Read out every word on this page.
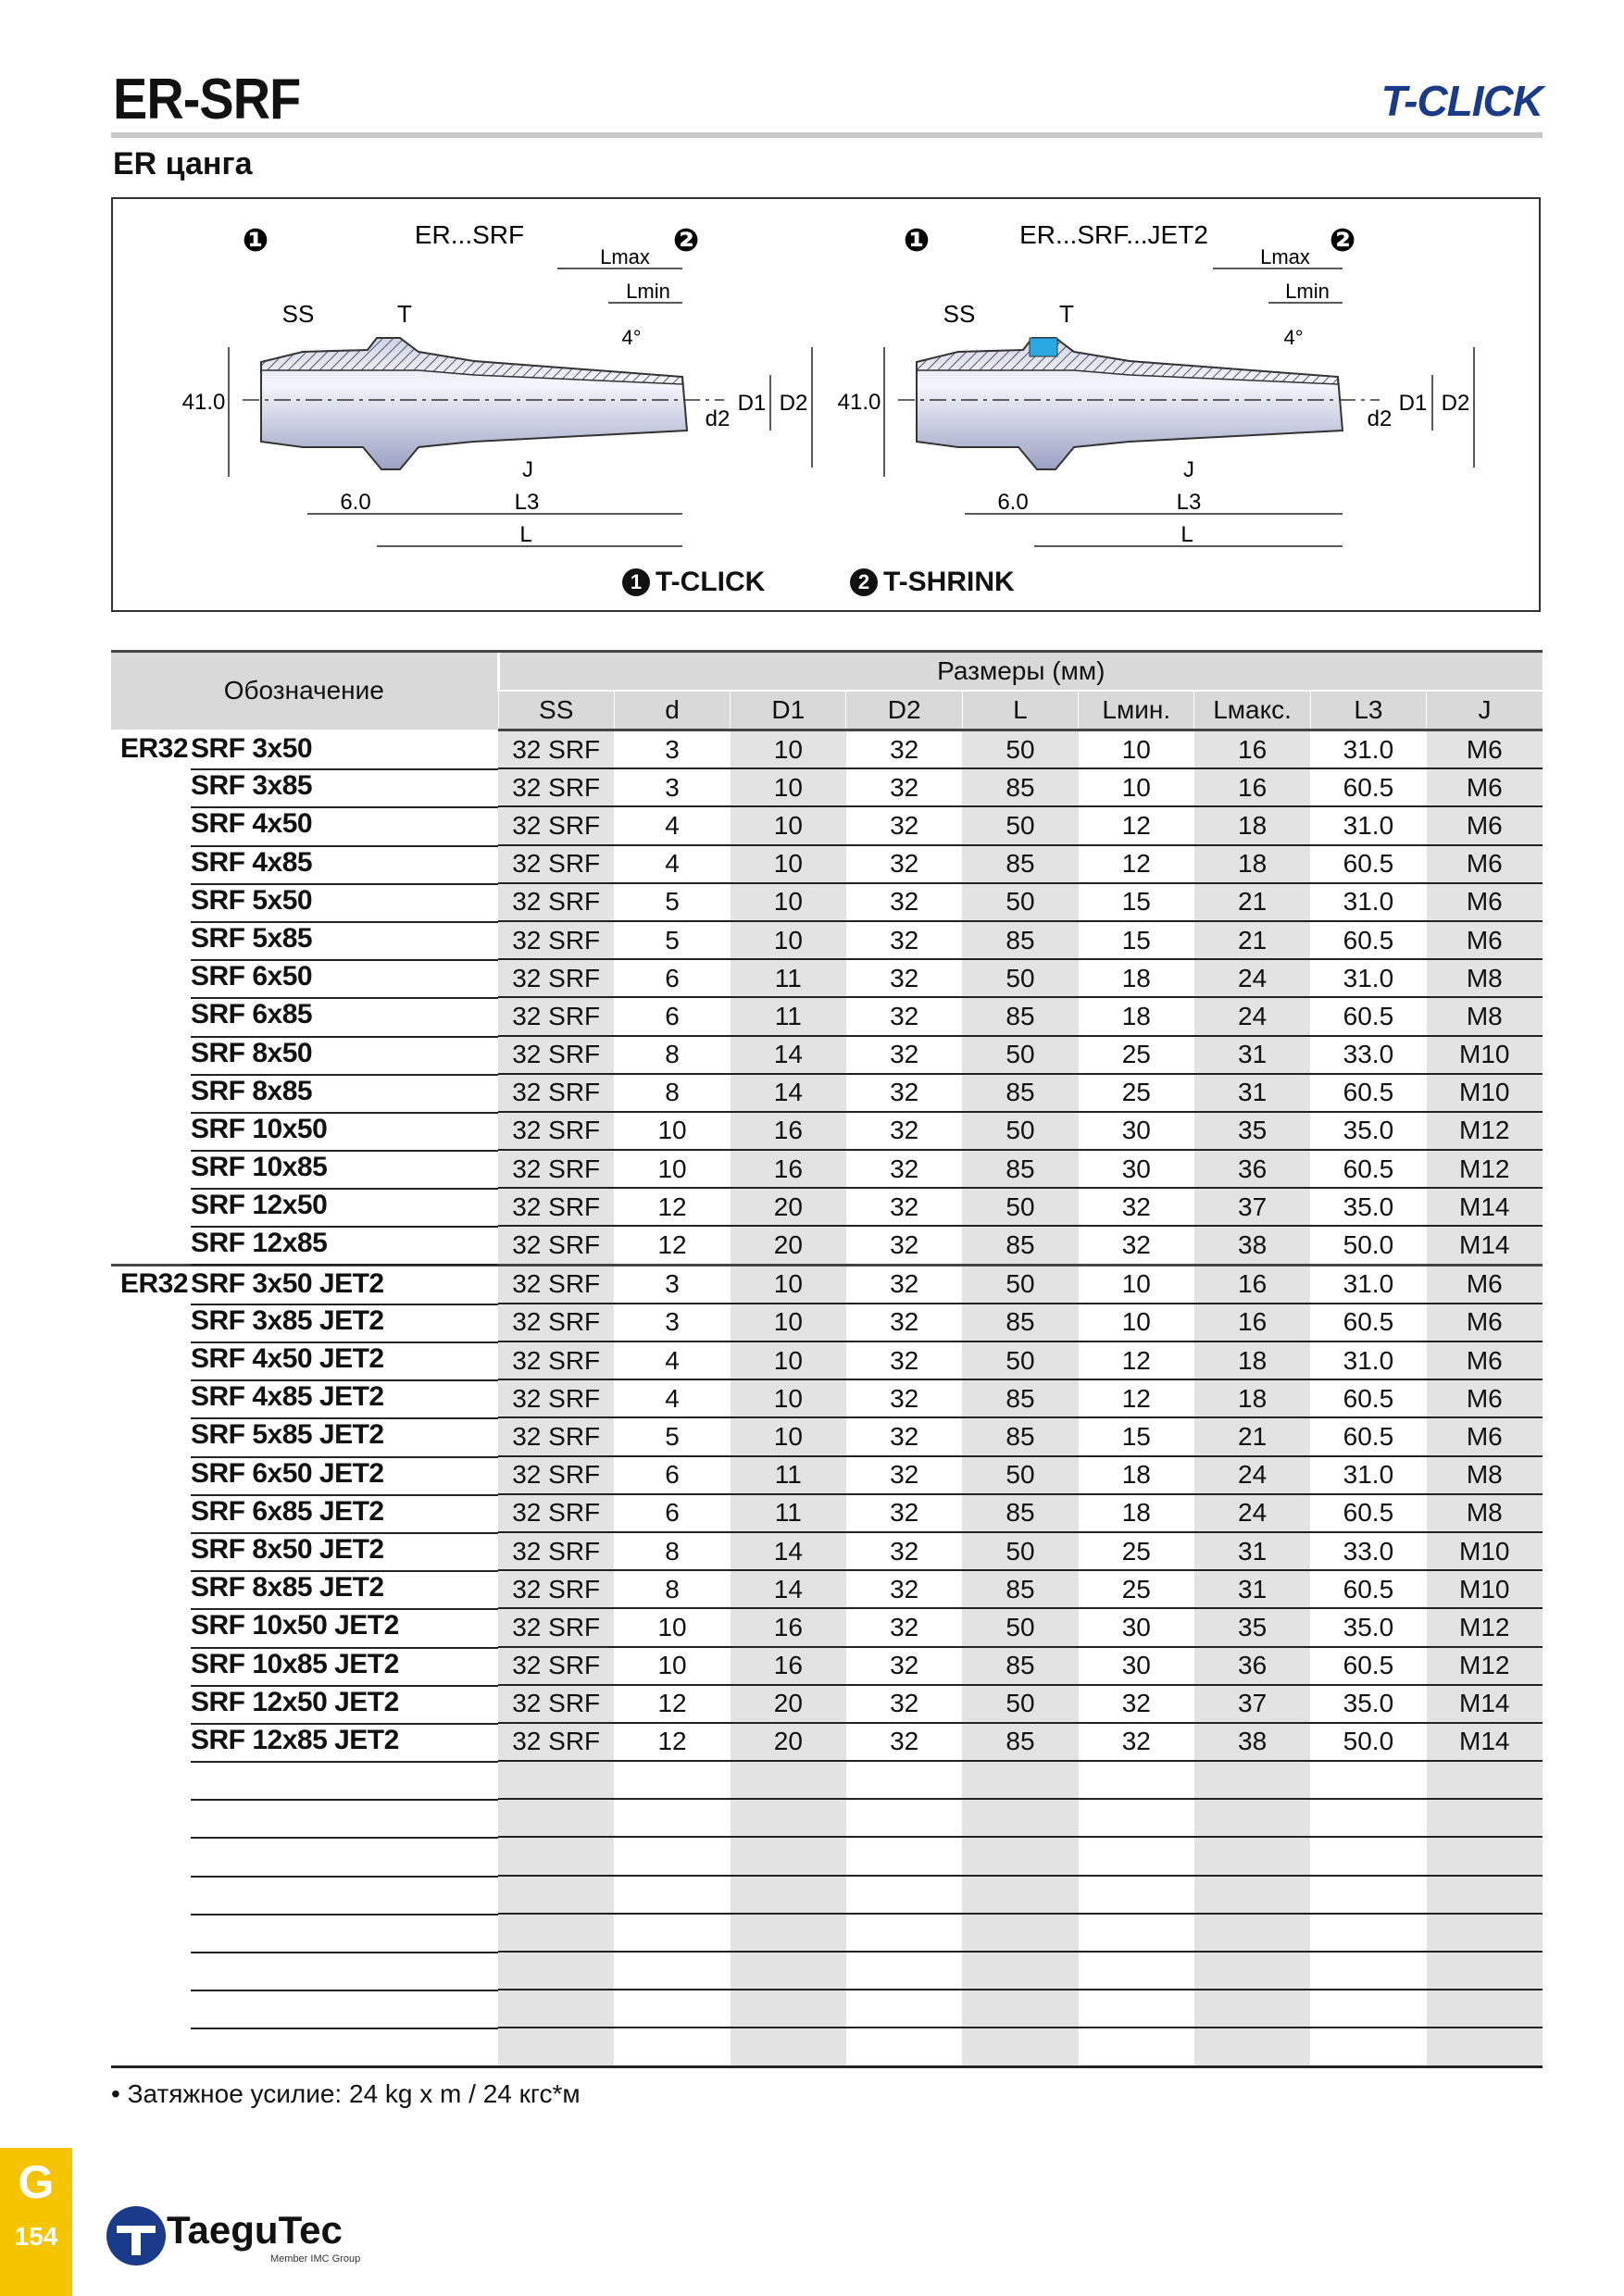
ER-SRF	T-CLICK
ER цанга
❶	ER...SRF	❷
41.0
Lmax
Lmin
4°
SS	T
D1 D2
d2
J
L3
L
6.0
❶	ER...SRF...JET2	❷
41.0
Lmax
Lmin
4°
SS	T
D1 D2
d2
J
L3
L
6.0
1 T-CLICK	2 T-SHRINK
Обозначение	Размеры (мм)								
	SS	d	D1	D2	L	Lмин.	Lмакс.	L3	J

ER32 SRF 3x50	32 SRF	3	10	32	50	10	16	31.0	M6

SRF 3x85	32 SRF	3	10	32	85	10	16	60.5	M6

SRF 4x50	32 SRF	4	10	32	50	12	18	31.0	M6

SRF 4x85	32 SRF	4	10	32	85	12	18	60.5	M6

SRF 5x50	32 SRF	5	10	32	50	15	21	31.0	M6

SRF 5x85	32 SRF	5	10	32	85	15	21	60.5	M6

SRF 6x50	32 SRF	6	11	32	50	18	24	31.0	M8

SRF 6x85	32 SRF	6	11	32	85	18	24	60.5	M8

SRF 8x50	32 SRF	8	14	32	50	25	31	33.0	M10

SRF 8x85	32 SRF	8	14	32	85	25	31	60.5	M10

SRF 10x50	32 SRF	10	16	32	50	30	35	35.0	M12

SRF 10x85	32 SRF	10	16	32	85	30	36	60.5	M12

SRF 12x50	32 SRF	12	20	32	50	32	37	35.0	M14

SRF 12x85	32 SRF	12	20	32	85	32	38	50.0	M14

ER32 SRF 3x50 JET2	32 SRF	3	10	32	50	10	16	31.0	M6

SRF 3x85 JET2	32 SRF	3	10	32	85	10	16	60.5	M6

SRF 4x50 JET2	32 SRF	4	10	32	50	12	18	31.0	M6

SRF 4x85 JET2	32 SRF	4	10	32	85	12	18	60.5	M6

SRF 5x85 JET2	32 SRF	5	10	32	85	15	21	60.5	M6

SRF 6x50 JET2	32 SRF	6	11	32	50	18	24	31.0	M8

SRF 6x85 JET2	32 SRF	6	11	32	85	18	24	60.5	M8

SRF 8x50 JET2	32 SRF	8	14	32	50	25	31	33.0	M10

SRF 8x85 JET2	32 SRF	8	14	32	85	25	31	60.5	M10

SRF 10x50 JET2	32 SRF	10	16	32	50	30	35	35.0	M12

SRF 10x85 JET2	32 SRF	10	16	32	85	30	36	60.5	M12

SRF 12x50 JET2	32 SRF	12	20	32	50	32	37	35.0	M14

SRF 12x85 JET2	32 SRF	12	20	32	85	32	38	50.0	M14

• Затяжное усилие: 24 kg x m / 24 кгс*м
G
154	TaeguTec
Member IMC Group
